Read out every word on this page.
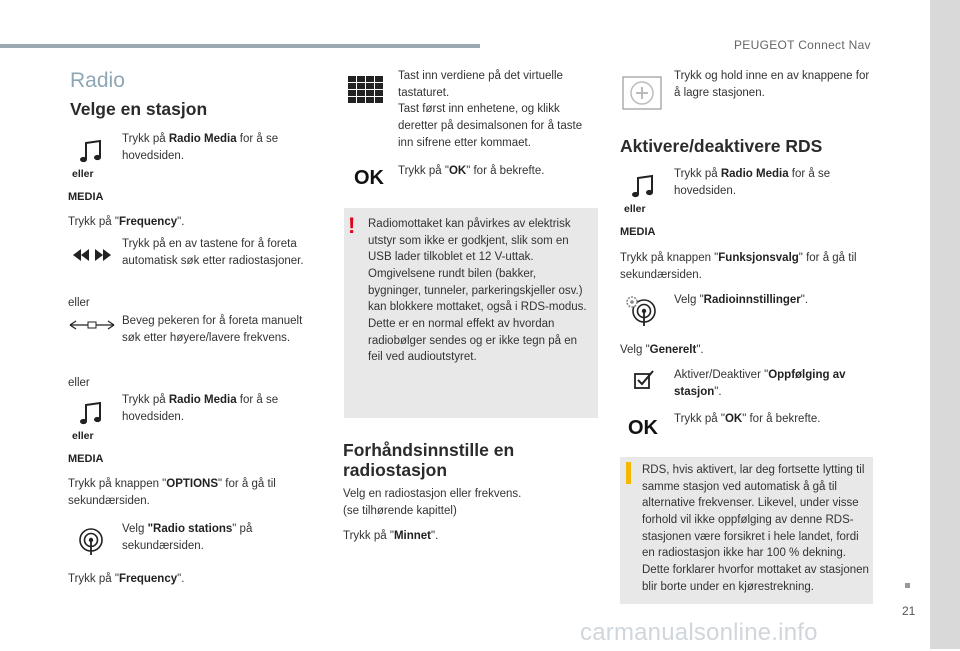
PEUGEOT Connect Nav
Radio
Velge en stasjon
eller
MEDIA

Trykk på Radio Media for å se hovedsiden.

Trykk på "Frequency".

Trykk på en av tastene for å foreta automatisk søk etter radiostasjoner.

eller

Beveg pekeren for å foreta manuelt søk etter høyere/lavere frekvens.

eller
eller
MEDIA

Trykk på Radio Media for å se hovedsiden.

Trykk på knappen "OPTIONS" for å gå til sekundærsiden.

Velg "Radio stations" på sekundærsiden.

Trykk på "Frequency".

Tast inn verdiene på det virtuelle tastaturet.
Tast først inn enhetene, og klikk deretter på desimalsonen for å taste inn sifrene etter kommaet.

OK Trykk på "OK" for å bekrefte.

! Radiomottaket kan påvirkes av elektrisk utstyr som ikke er godkjent, slik som en USB lader tilkoblet et 12 V-uttak. Omgivelsene rundt bilen (bakker, bygninger, tunneler, parkeringskjeller osv.) kan blokkere mottaket, også i RDS-modus. Dette er en normal effekt av hvordan radiobølger sendes og er ikke tegn på en feil ved audioutstyret.

Forhåndsinnstille en radiostasjon

Velg en radiostasjon eller frekvens.
(se tilhørende kapittel)

Trykk på "Minnet".

Trykk og hold inne en av knappene for å lagre stasjonen.

Aktivere/deaktivere RDS
eller
MEDIA

Trykk på Radio Media for å se hovedsiden.

Trykk på knappen "Funksjonsvalg" for å gå til sekundærsiden.

Velg "Radioinnstillinger".

Velg "Generelt".

Aktiver/Deaktiver "Oppfølging av stasjon".

OK Trykk på "OK" for å bekrefte.

RDS, hvis aktivert, lar deg fortsette lytting til samme stasjon ved automatisk å gå til alternative frekvenser. Likevel, under visse forhold vil ikke oppfølging av denne RDS-stasjonen være forsikret i hele landet, fordi en radiostasjon ikke har 100 % dekning. Dette forklarer hvorfor mottaket av stasjonen blir borte under en kjørestrekning.

21
carmanualsonline.info
